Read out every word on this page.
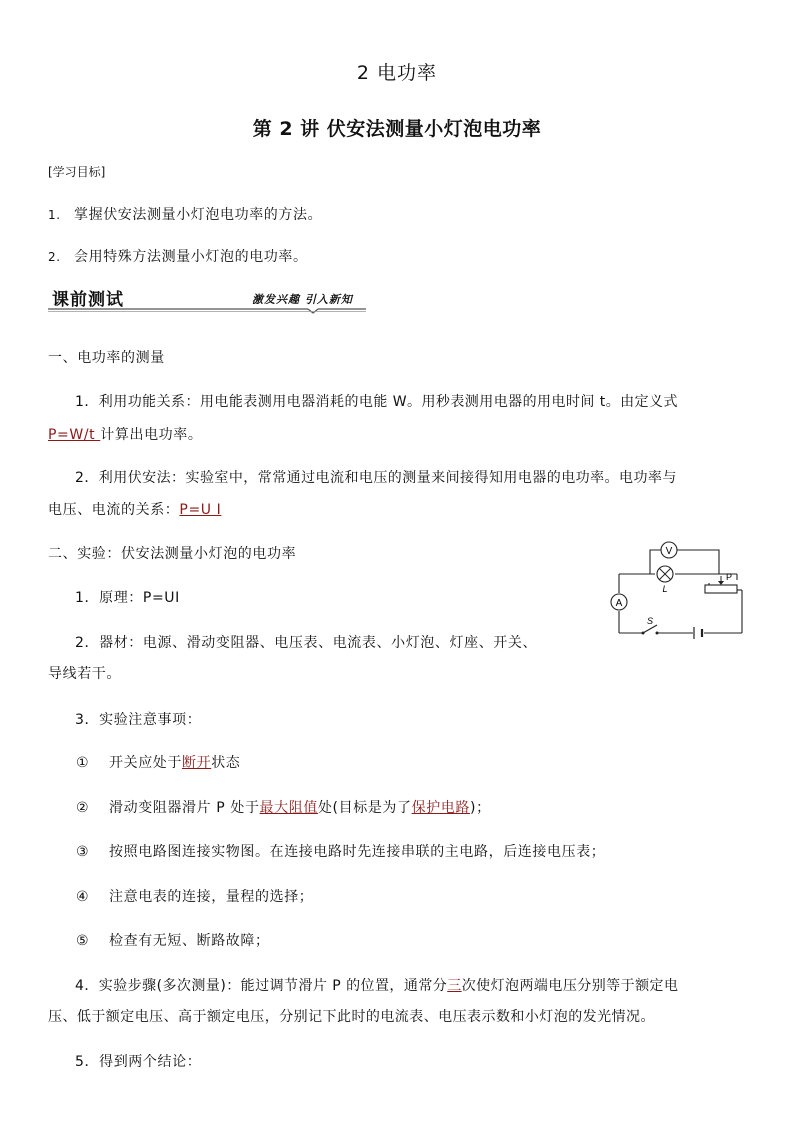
2 电功率
第 2 讲 伏安法测量小灯泡电功率
[学习目标]
1. 掌握伏安法测量小灯泡电功率的方法。
2. 会用特殊方法测量小灯泡的电功率。
课前测试	激发兴趣 引入新知
一、电功率的测量
1．利用功能关系：用电能表测用电器消耗的电能 W。用秒表测用电器的用电时间 t。由定义式
P=W/t 计算出电功率。
2．利用伏安法：实验室中，常常通过电流和电压的测量来间接得知用电器的电功率。电功率与
电压、电流的关系：P=U I
二、实验：伏安法测量小灯泡的电功率
1．原理：P=UI
2．器材：电源、滑动变阻器、电压表、电流表、小灯泡、灯座、开关、
导线若干。
V
L
P
A
S
3．实验注意事项：
① 开关应处于断开状态
② 滑动变阻器滑片 P 处于最大阻值处(目标是为了保护电路)；
③ 按照电路图连接实物图。在连接电路时先连接串联的主电路，后连接电压表；
④ 注意电表的连接，量程的选择；
⑤ 检查有无短、断路故障；
4．实验步骤(多次测量)：能过调节滑片 P 的位置，通常分三次使灯泡两端电压分别等于额定电
压、低于额定电压、高于额定电压，分别记下此时的电流表、电压表示数和小灯泡的发光情况。
5．得到两个结论：
